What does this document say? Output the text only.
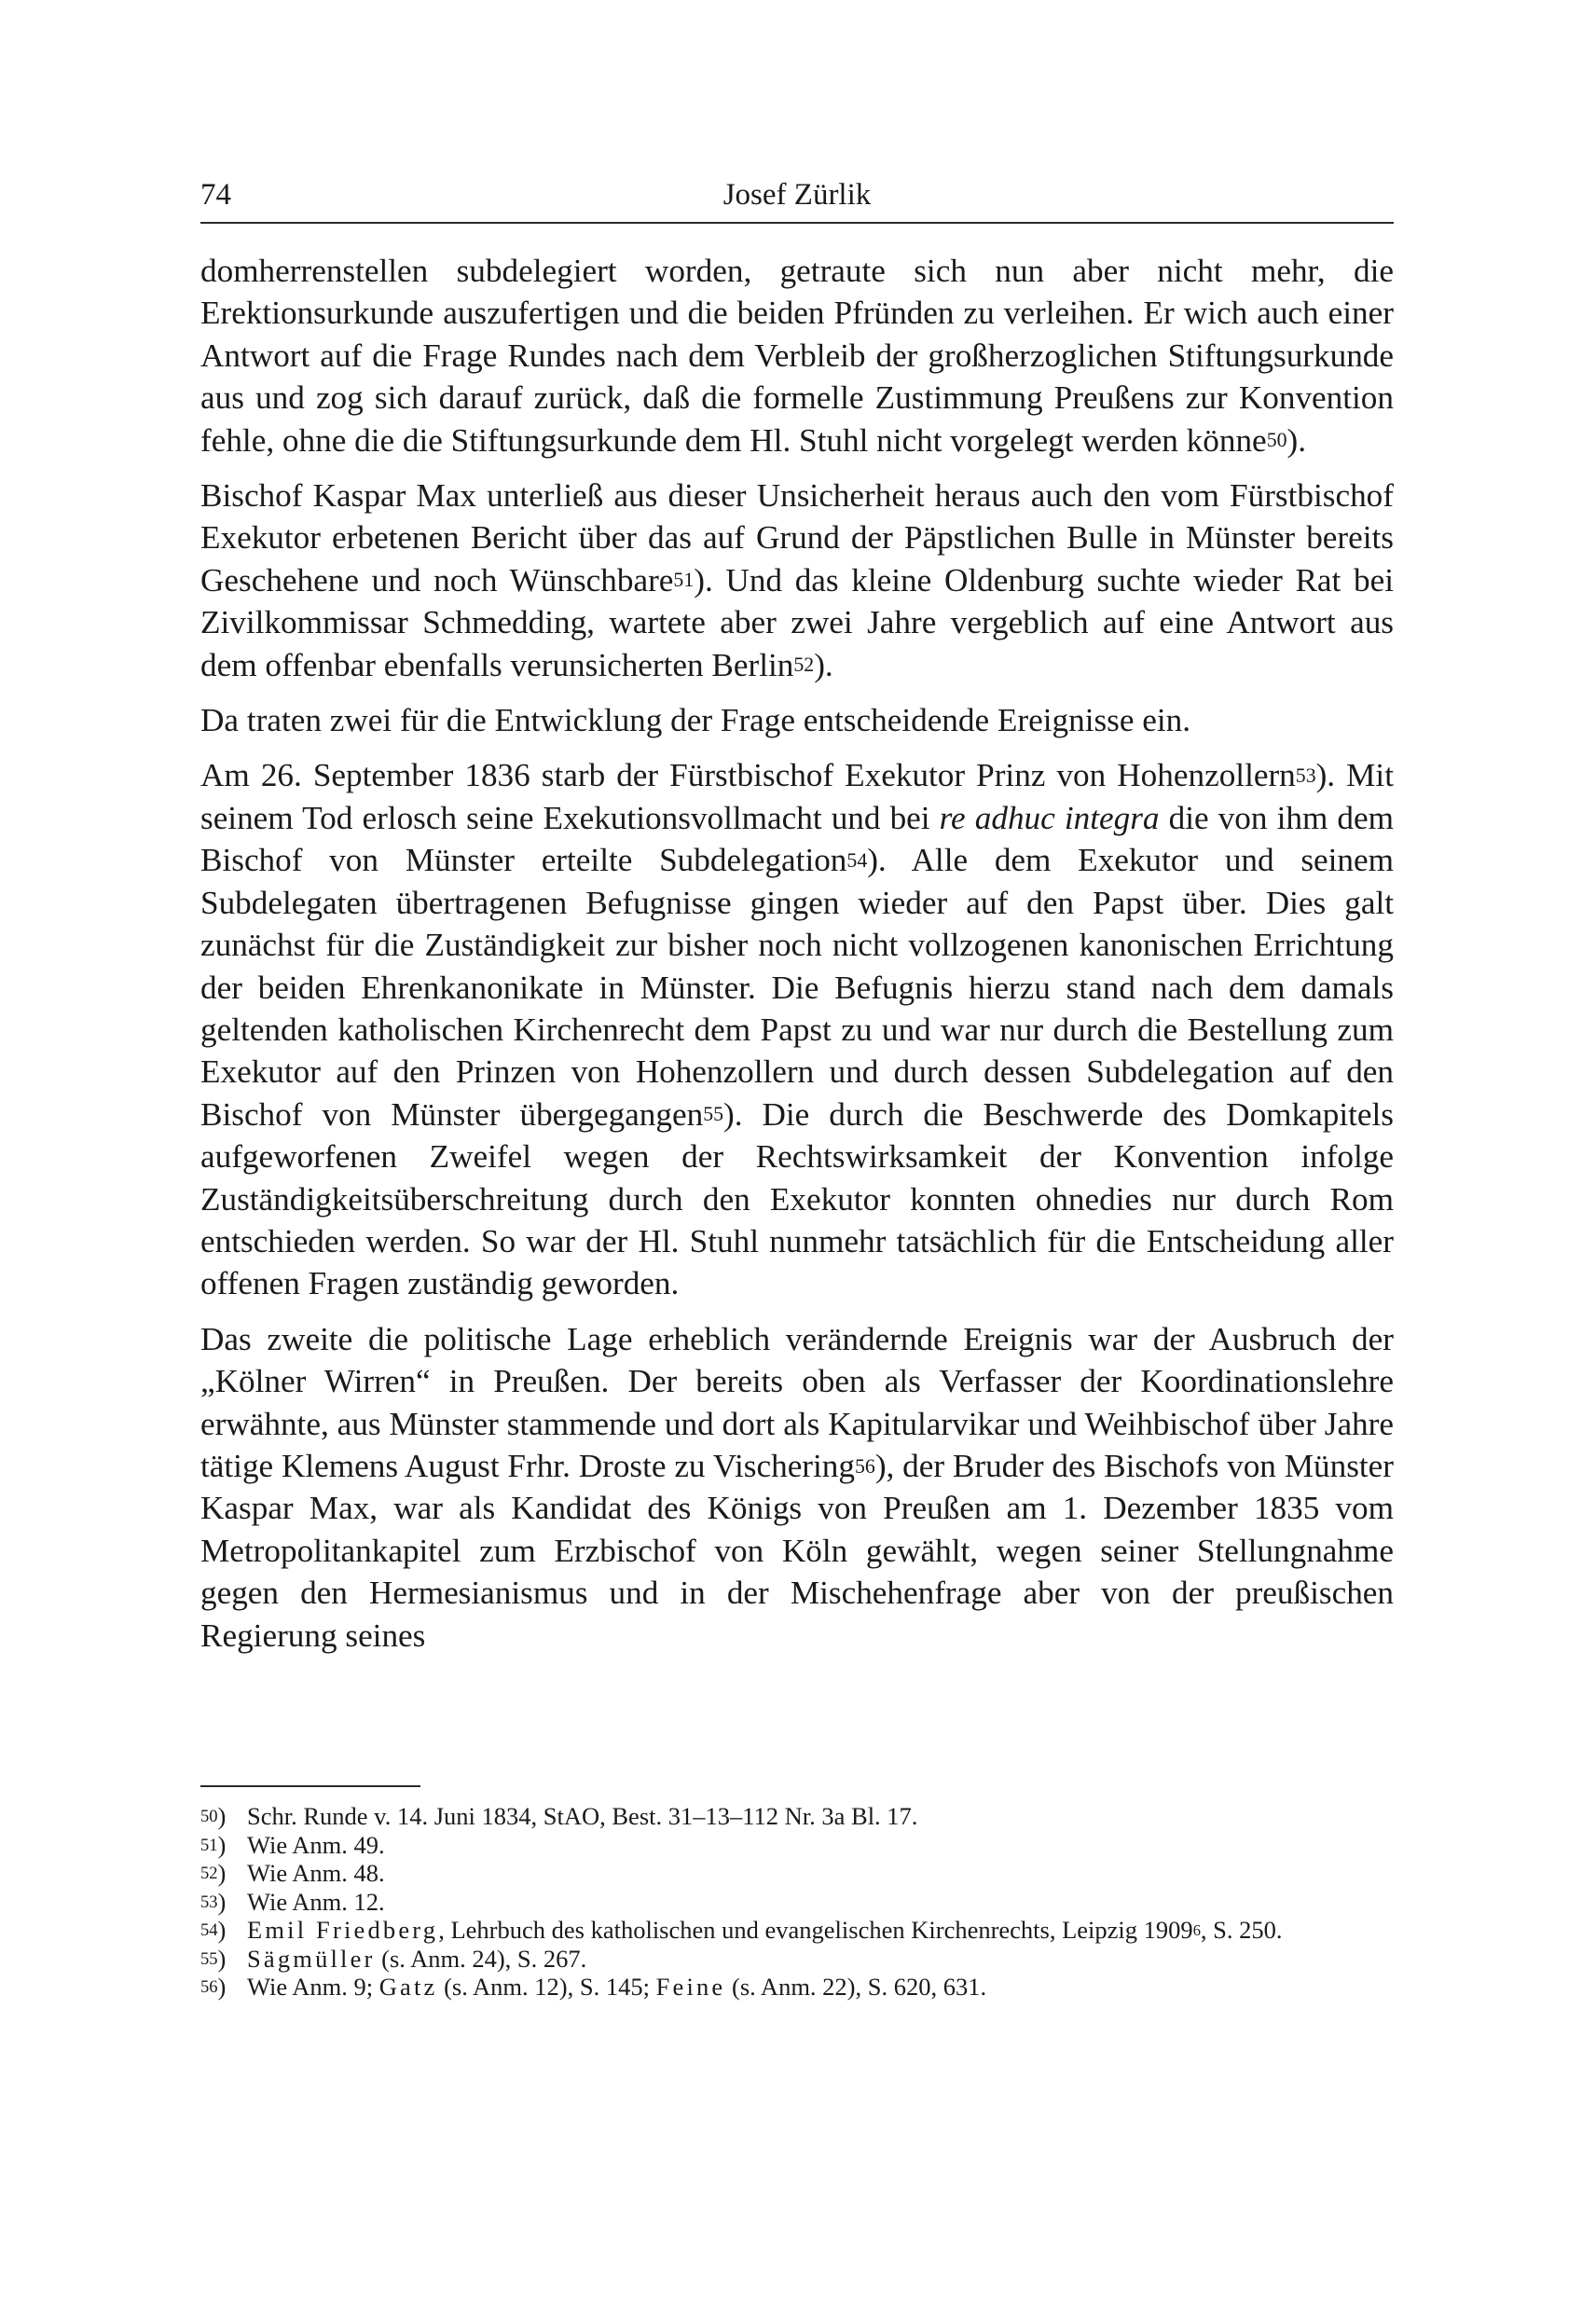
74	Josef Zürlik

domherrenstellen subdelegiert worden, getraute sich nun aber nicht mehr, die Erektionsurkunde auszufertigen und die beiden Pfründen zu verleihen. Er wich auch einer Antwort auf die Frage Rundes nach dem Verbleib der großherzoglichen Stiftungsurkunde aus und zog sich darauf zurück, daß die formelle Zustimmung Preußens zur Konvention fehle, ohne die die Stiftungsurkunde dem Hl. Stuhl nicht vorgelegt werden könne$^{50}$).

Bischof Kaspar Max unterließ aus dieser Unsicherheit heraus auch den vom Fürstbischof Exekutor erbetenen Bericht über das auf Grund der Päpstlichen Bulle in Münster bereits Geschehene und noch Wünschbare$^{51}$). Und das kleine Oldenburg suchte wieder Rat bei Zivilkommissar Schmedding, wartete aber zwei Jahre vergeblich auf eine Antwort aus dem offenbar ebenfalls verunsicherten Berlin$^{52}$).

Da traten zwei für die Entwicklung der Frage entscheidende Ereignisse ein.

Am 26. September 1836 starb der Fürstbischof Exekutor Prinz von Hohenzollern$^{53}$). Mit seinem Tod erlosch seine Exekutionsvollmacht und bei re adhuc integra die von ihm dem Bischof von Münster erteilte Subdelegation$^{54}$). Alle dem Exekutor und seinem Subdelegaten übertragenen Befugnisse gingen wieder auf den Papst über. Dies galt zunächst für die Zuständigkeit zur bisher noch nicht vollzogenen kanonischen Errichtung der beiden Ehrenkanonikate in Münster. Die Befugnis hierzu stand nach dem damals geltenden katholischen Kirchenrecht dem Papst zu und war nur durch die Bestellung zum Exekutor auf den Prinzen von Hohenzollern und durch dessen Subdelegation auf den Bischof von Münster übergegangen$^{55}$). Die durch die Beschwerde des Domkapitels aufgeworfenen Zweifel wegen der Rechtswirksamkeit der Konvention infolge Zuständigkeitsüberschreitung durch den Exekutor konnten ohnedies nur durch Rom entschieden werden. So war der Hl. Stuhl nunmehr tatsächlich für die Entscheidung aller offenen Fragen zuständig geworden.

Das zweite die politische Lage erheblich verändernde Ereignis war der Ausbruch der „Kölner Wirren“ in Preußen. Der bereits oben als Verfasser der Koordinationslehre erwähnte, aus Münster stammende und dort als Kapitularvikar und Weihbischof über Jahre tätige Klemens August Frhr. Droste zu Vischering$^{56}$), der Bruder des Bischofs von Münster Kaspar Max, war als Kandidat des Königs von Preußen am 1. Dezember 1835 vom Metropolitankapitel zum Erzbischof von Köln gewählt, wegen seiner Stellungnahme gegen den Hermesianismus und in der Mischehenfrage aber von der preußischen Regierung seines

$^{50}$) Schr. Runde v. 14. Juni 1834, StAO, Best. 31–13–112 Nr. 3a Bl. 17.
$^{51}$) Wie Anm. 49.
$^{52}$) Wie Anm. 48.
$^{53}$) Wie Anm. 12.
$^{54}$) Emil Friedberg, Lehrbuch des katholischen und evangelischen Kirchenrechts, Leipzig 1909$^6$, S. 250.
$^{55}$) Sägmüller (s. Anm. 24), S. 267.
$^{56}$) Wie Anm. 9; Gatz (s. Anm. 12), S. 145; Feine (s. Anm. 22), S. 620, 631.
